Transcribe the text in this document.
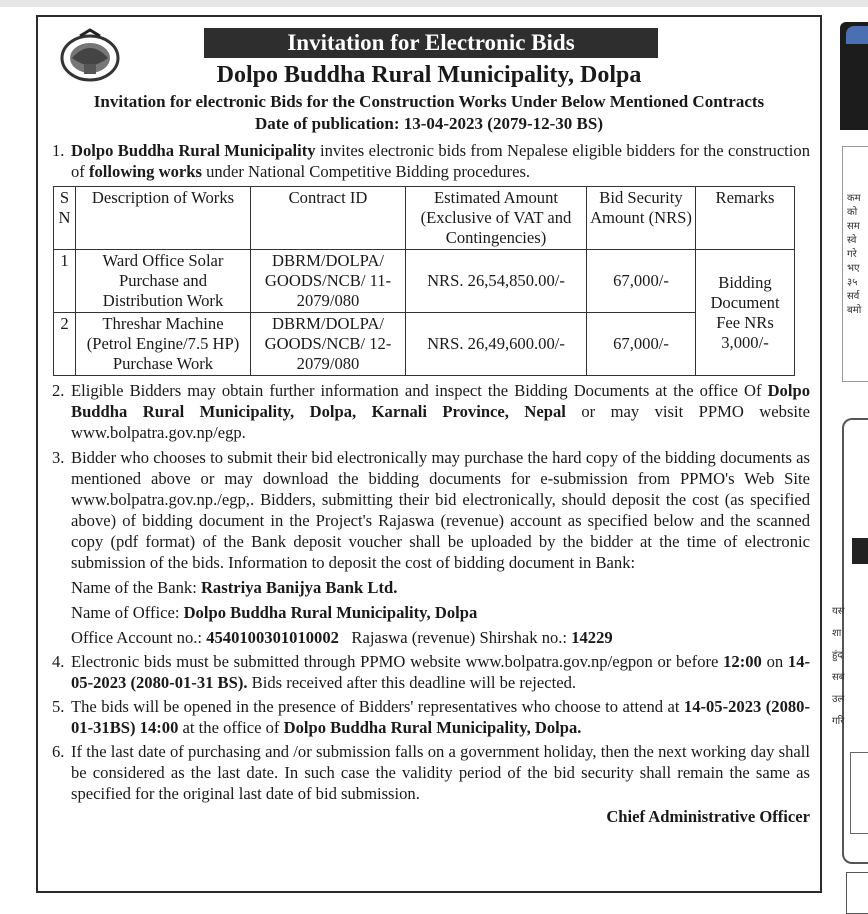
Invitation for Electronic Bids
Dolpo Buddha Rural Municipality, Dolpa
Invitation for electronic Bids for the Construction Works Under Below Mentioned Contracts
Date of publication: 13-04-2023 (2079-12-30 BS)
1. Dolpo Buddha Rural Municipality invites electronic bids from Nepalese eligible bidders for the construction of following works under National Competitive Bidding procedures.

S N	Description of Works	Contract ID	Estimated Amount (Exclusive of VAT and Contingencies)	Bid Security Amount (NRS)	Remarks
1	Ward Office Solar Purchase and Distribution Work	DBRM/DOLPA/ GOODS/NCB/ 11-2079/080	NRS. 26,54,850.00/-	67,000/-	Bidding Document Fee NRs 3,000/-
2	Threshar Machine (Petrol Engine/7.5 HP) Purchase Work	DBRM/DOLPA/ GOODS/NCB/ 12-2079/080	NRS. 26,49,600.00/-	67,000/-	
2. Eligible Bidders may obtain further information and inspect the Bidding Documents at the office Of Dolpo Buddha Rural Municipality, Dolpa, Karnali Province, Nepal or may visit PPMO website www.bolpatra.gov.np/egp.

3. Bidder who chooses to submit their bid electronically may purchase the hard copy of the bidding documents as mentioned above or may download the bidding documents for e-submission from PPMO's Web Site www.bolpatra.gov.np./egp,. Bidders, submitting their bid electronically, should deposit the cost (as specified above) of bidding document in the Project's Rajaswa (revenue) account as specified below and the scanned copy (pdf format) of the Bank deposit voucher shall be uploaded by the bidder at the time of electronic submission of the bids. Information to deposit the cost of bidding document in Bank:

Name of the Bank: Rastriya Banijya Bank Ltd.
Name of Office: Dolpo Buddha Rural Municipality, Dolpa
Office Account no.: 4540100301010002 Rajaswa (revenue) Shirshak no.: 14229
4. Electronic bids must be submitted through PPMO website www.bolpatra.gov.np/egpon or before 12:00 on 14-05-2023 (2080-01-31 BS). Bids received after this deadline will be rejected.

5. The bids will be opened in the presence of Bidders' representatives who choose to attend at 14-05-2023 (2080-01-31BS) 14:00 at the office of Dolpo Buddha Rural Municipality, Dolpa.

6. If the last date of purchasing and /or submission falls on a government holiday, then the next working day shall be considered as the last date. In such case the validity period of the bid security shall remain the same as specified for the original last date of bid submission.

Chief Administrative Officer
कम
को
सम
स्वे
गरे
भए
३५
सर्व
बमो
यस
शा
हुंद
सब
उल
गरि
